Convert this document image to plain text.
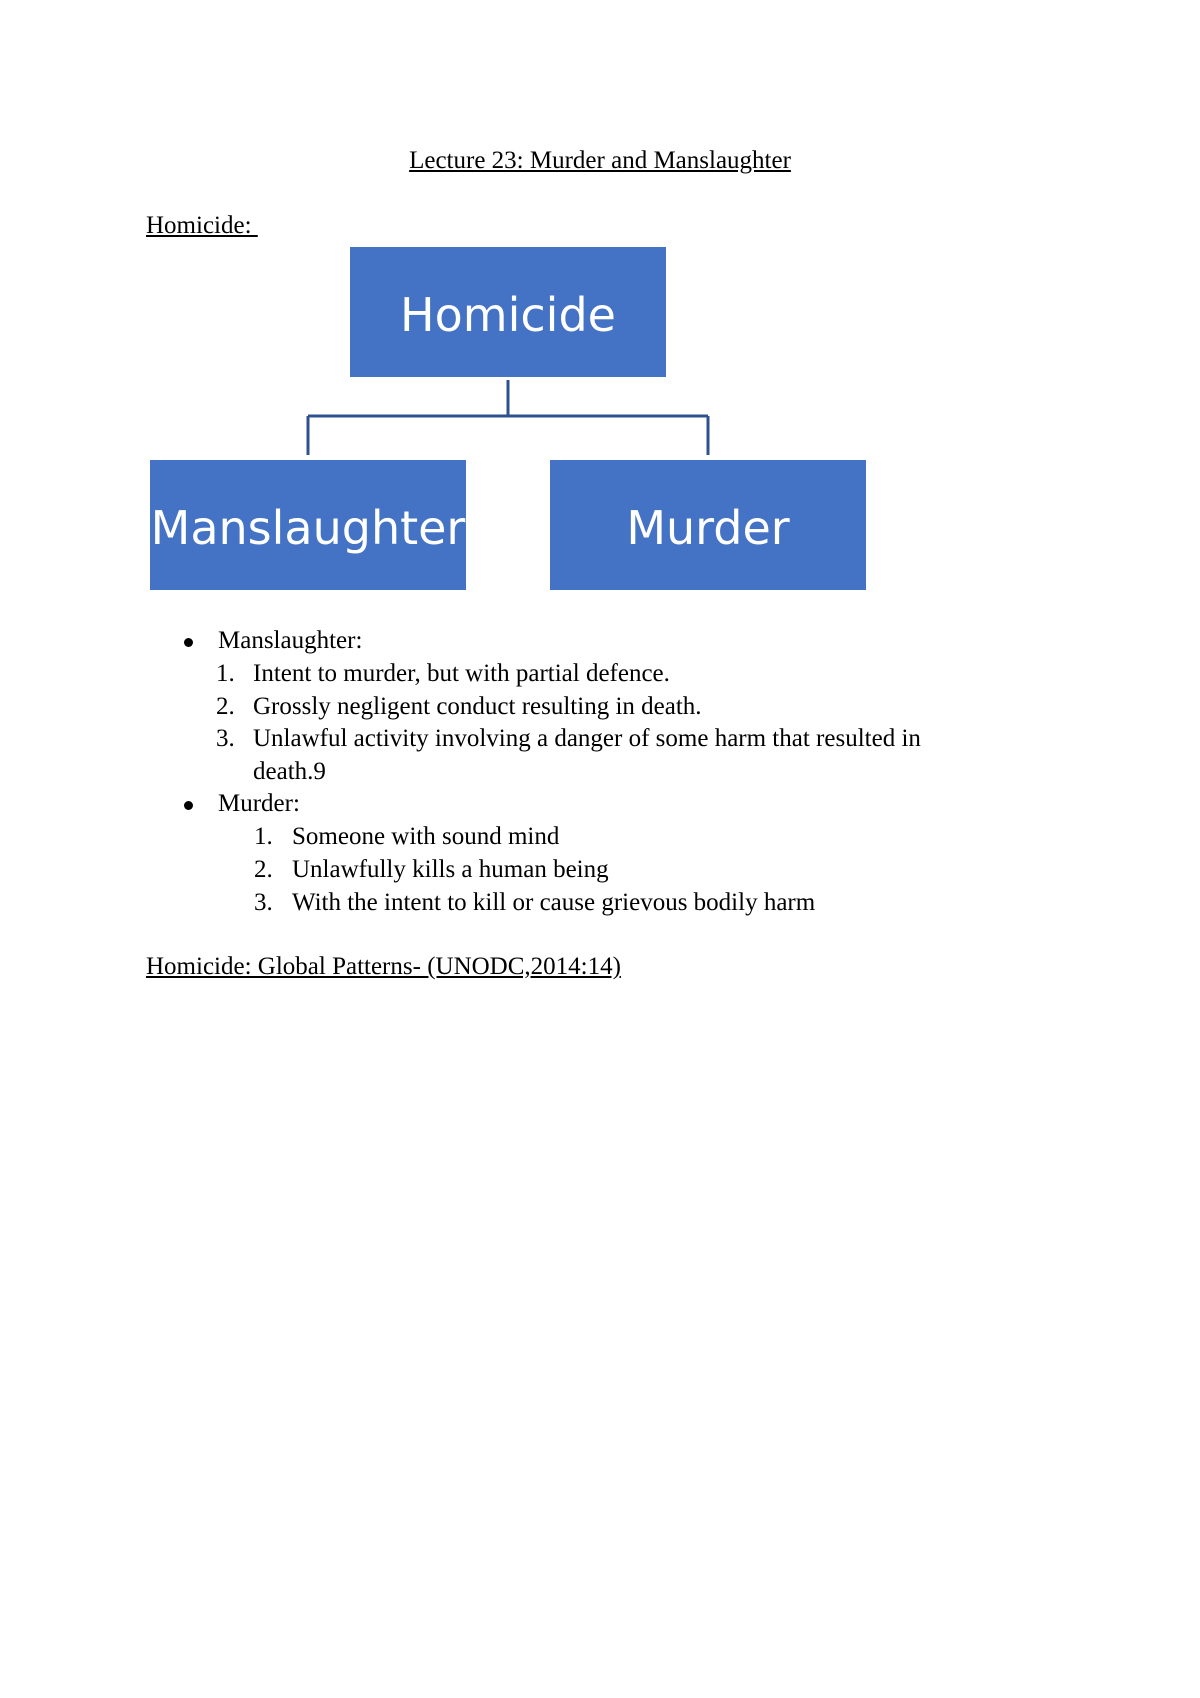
Lecture 23: Murder and Manslaughter
Homicide:
Homicide
Manslaughter	Murder
Manslaughter:
1. Intent to murder, but with partial defence.
2. Grossly negligent conduct resulting in death.
3. Unlawful activity involving a danger of some harm that resulted in
death.9
Murder:
1. Someone with sound mind
2. Unlawfully kills a human being
3. With the intent to kill or cause grievous bodily harm
Homicide: Global Patterns- (UNODC,2014:14)
